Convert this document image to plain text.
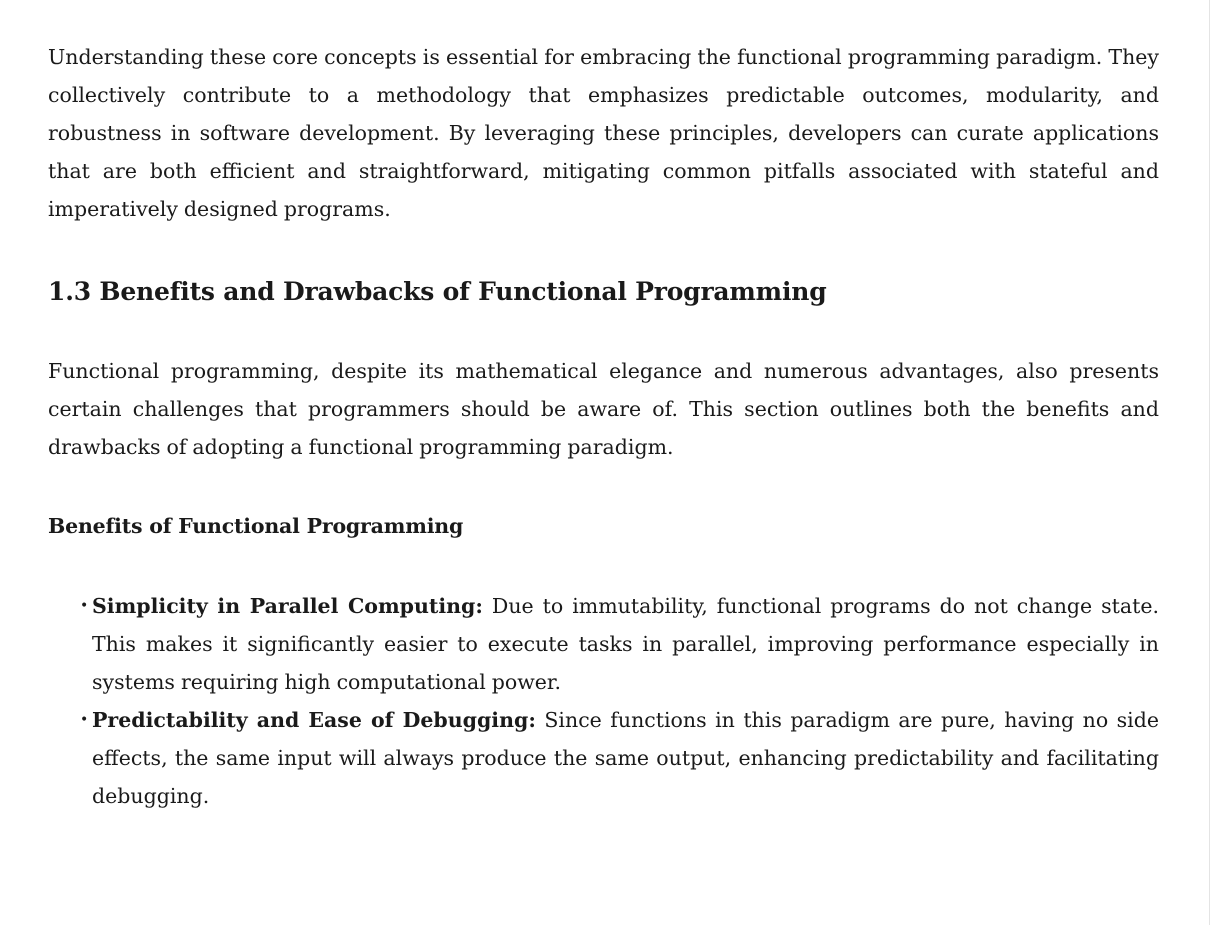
Understanding these core concepts is essential for embracing the functional programming paradigm. They collectively contribute to a methodology that emphasizes predictable outcomes, modularity, and robustness in software development. By leveraging these principles, developers can curate applications that are both efficient and straightforward, mitigating common pitfalls associated with stateful and imperatively designed programs.

1.3 Benefits and Drawbacks of Functional Programming

Functional programming, despite its mathematical elegance and numerous advantages, also presents certain challenges that programmers should be aware of. This section outlines both the benefits and drawbacks of adopting a functional programming paradigm.

Benefits of Functional Programming
• Simplicity in Parallel Computing: Due to immutability, functional programs do not change state. This makes it significantly easier to execute tasks in parallel, improving performance especially in systems requiring high computational power.
• Predictability and Ease of Debugging: Since functions in this paradigm are pure, having no side effects, the same input will always produce the same output, enhancing predictability and facilitating debugging.
